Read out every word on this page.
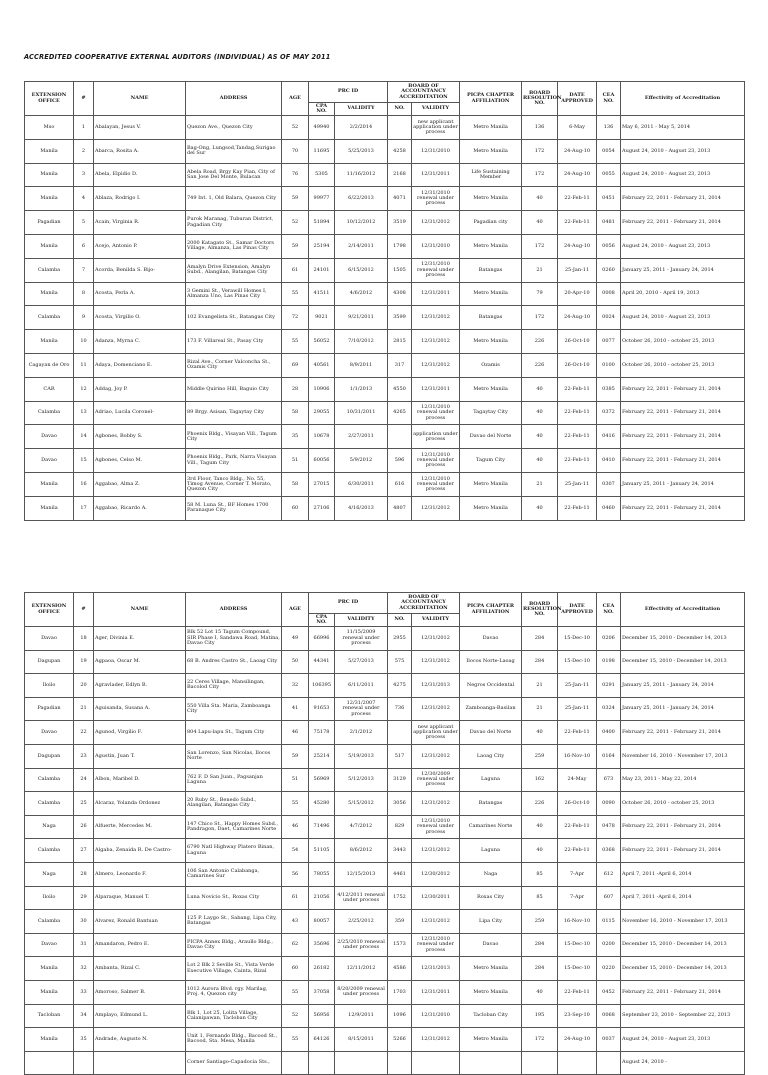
ACCREDITED COOPERATIVE EXTERNAL AUDITORS (INDIVIDUAL) AS OF MAY 2011
EXTENSION OFFICE	#	NAME	ADDRESS	AGE	PRC ID		BOARD OF ACCOUNTANCY ACCREDITATION		PICPA CHAPTER AFFILIATION	BOARD RESOLUTION NO.	DATE APPROVED	CEA NO.	Effectivity of Accreditation
					CPA NO.	VALIDITY	NO.	VALIDITY					
Mso	1	Abalayan, Jesus V.	Quezon Ave., Quezon City	52	49940	2/2/2014		new applicant application under process	Metro Manila	136	6-May	136	May 6, 2011 - May 5, 2014
Manila	2	Abarca, Rosita A.	Bag-Ong, Lungsod,Tandag,Surigao del Sur	70	11695	5/25/2013	4258	12/31/2010	Metro Manila	172	24-Aug-10	0054	August 24, 2010 - August 23, 2013
Manila	3	Abela, Elpidio D.	Abela Road, Brgy Kay Pian, City of San Jose Del Monte, Bulacan	76	5305	11/16/2012	2168	12/31/2011	Life Sustaining Member	172	24-Aug-10	0055	August 24, 2010 - August 23, 2013
Manila	4	Ablaza, Rodrigo I.	749 Int. 1, Old Balara, Quezon City	59	99977	6/22/2013	4071	12/31/2010 renewal under process	Metro Manila	40	22-Feb-11	0451	February 22, 2011 - February 21, 2014
Pagadian	5	Acain, Virginia R.	Purok Maranag, Tuburan District, Pagadian City	52	51894	10/12/2012	3519	12/31/2012	Pagadian city	40	22-Feb-11	0481	February 22, 2011 - February 21, 2014
Manila	6	Acejo, Antonio P.	2000 Katagato St., Samar Doctors Village, Almanza, Las Pinas City	59	25194	2/14/2011	1798	12/31/2010	Metro Manila	172	24-Aug-10	0056	August 24, 2010 - August 23, 2013
Calamba	7	Acorda, Benilda S. Bijo-	Amalyn Drive Extension, Amalyn Subd., Alangilan, Batangas City	61	24101	6/15/2012	1505	12/31/2010 renewal under process	Batangas	21	25-Jan-11	0260	January 25, 2011 - January 24, 2014
Manila	8	Acosta, Perla A.	3 Gemini St., Verawill Homes I, Almanza Uno, Las Pinas City	55	41511	4/6/2012	4308	12/31/2011	Metro Manila	79	20-Apr-10	0008	April 20, 2010 - April 19, 2013
Calamba	9	Acosta, Virgilio O.	102 Evangelista St., Batangas City	72	9021	9/21/2011	3599	12/31/2012	Batangas	172	24-Aug-10	0024	August 24, 2010 - August 23, 2013
Manila	10	Adanza, Myrna C.	173 F. Villareal St., Pasay City	55	56052	7/10/2012	2815	12/31/2012	Metro Manila	226	26-Oct-10	0077	October 26, 2010 - october 25, 2013
Cagayan de Oro	11	Adaya, Domenciano E.	Rizal Ave., Corner Valconcha St., Ozamis City	69	40561	8/9/2011	317	12/31/2012	Ozamis	226	26-Oct-10	0100	October 26, 2010 - october 25, 2013
CAR	12	Addag, Joy P.	Middle Quirino Hill, Baguio City	28	10906	1/1/2013	4550	12/31/2011	Metro Manila	40	22-Feb-11	0385	February 22, 2011 - February 21, 2014
Calamba	13	Adriao, Lucila Coronel-	89 Brgy. Asisan, Tagaytay City	58	29055	10/31/2011	4265	12/31/2010 renewal under process	Tagaytay City	40	22-Feb-11	0372	February 22, 2011 - February 21, 2014
Davao	14	Agbones, Bobby S.	Phoenix Bldg., Visayan Vill., Tagum City	35	10678	2/27/2011		application under process	Davao del Norte	40	22-Feb-11	0416	February 22, 2011 - February 21, 2014
Davao	15	Agbones, Celso M.	Phoenix Bldg., Park, Narra Visayan Vill., Tagum City	51	60056	5/9/2012	596	12/31/2010 renewal under process	Tagum City	40	22-Feb-11	0410	February 22, 2011 - February 21, 2014
Manila	16	Aggabao, Alma Z.	3rd Floor, Tanco Bldg., No. 55, Timog Avenue, Corner T. Morato, Quezon City	58	27015	6/30/2011	616	12/31/2010 renewal under process	Metro Manila	21	25-Jan-11	0307	January 25, 2011 - January 24, 2014
Manila	17	Aggabao, Ricardo A.	58 M. Luna St., BF Homes 1700 Paranaque City	60	27106	4/16/2013	4807	12/31/2012	Metro Manila	40	22-Feb-11	0460	February 22, 2011 - February 21, 2014
EXTENSION OFFICE	#	NAME	ADDRESS	AGE	PRC ID		BOARD OF ACCOUNTANCY ACCREDITATION		PICPA CHAPTER AFFILIATION	BOARD RESOLUTION NO.	DATE APPROVED	CEA NO.	Effectivity of Accreditation
					CPA NO.	VALIDITY	NO.	VALIDITY					
Davao	18	Ager, Divinia E.	Blk 52 Lot 15 Tagum Compound, SIR Phase I, Sandawa Road, Matina, Davao City	49	66996	11/15/2009 renewal under process	2955	12/31/2012	Davao	284	15-Dec-10	0206	December 15, 2010 - December 14, 2013
Dagupan	19	Agpaoa, Oscar M.	68 B. Andres Castro St., Laoag City	50	44341	5/27/2013	575	12/31/2012	Ilocos Norte-Laoag	284	15-Dec-10	0198	December 15, 2010 - December 14, 2013
Iloilo	20	Agravlader, Edlyn B.	22 Ceres Village, Mansilingan, Bacolod City	32	106395	6/11/2011	4275	12/31/2013	Negros Occidental	21	25-Jan-11	0291	January 25, 2011 - January 24, 2014
Pagadian	21	Aguisanda, Susana A.	550 Villa Sta. Maria, Zamboanga City	41	91653	12/31/2007 renewal under process	736	12/31/2012	Zamboanga-Basilan	21	25-Jan-11	0324	January 25, 2011 - January 24, 2014
Davao	22	Agunod, Virgilio F.	804 Lapu-lapu St., Tagum City	46	75178	2/1/2012		new applicant application under process	Davao del Norte	40	22-Feb-11	0400	February 22, 2011 - February 21, 2014
Dagupan	23	Agustin, Juan T.	San Lorenzo, San Nicolas, Ilocos Norte	59	25214	5/19/2013	517	12/31/2012	Laoag City	259	16-Nov-10	0164	November 16, 2010 - November 17, 2013
Calamba	24	Albon, Maribel D.	762 F. D San Juan., Pagsanjan Laguna	51	56969	5/12/2013	3129	12/30/2009 renewal under process	Laguna	162	24-May	673	May 23, 2011 - May 22, 2014
Calamba	25	Alcaraz, Yolanda Ordonez	20 Ruby St., Benedo Subd., Alangilan, Batangas City	55	45280	5/15/2012	3056	12/31/2012	Batangas	226	26-Oct-10	0090	October 26, 2010 - october 25, 2013
Naga	26	Alfuerte, Mercedes M.	147 Chico St., Happy Homes Subd., Pandragon, Daet, Camarines Norte	46	71496	4/7/2012	829	12/31/2010 renewal under process	Camarines Norte	40	22-Feb-11	0478	February 22, 2011 - February 21, 2014
Calamba	27	Algaba, Zenaida R. De Castro-	6790 Natl Highway Platero Binan, Laguna	54	51105	8/6/2012	3443	12/31/2012	Laguna	40	22-Feb-11	0368	February 22, 2011 - February 21, 2014
Naga	28	Almero, Leonardo F.	106 San Antonio Calabanga, Camarines Sur	56	78055	12/15/2013	4461	12/30/2012	Naga	85	7-Apr	612	April 7, 2011 -April 6, 2014
Iloilo	29	Alparaque, Manuel T.	Luna Novicio St., Roxas City	61	21056	4/12/2011 renewal under process	1752	12/30/2011	Roxas City	85	7-Apr	607	April 7, 2011 -April 6, 2014
Calamba	30	Alvarez, Ronald Bantuan	125 P. Laygo St., Sabang, Lipa City, Batangas	43	80057	2/25/2012	359	12/31/2012	Lipa City	259	16-Nov-10	0115	November 16, 2010 - November 17, 2013
Davao	31	Amandaron, Pedro E.	PICPA Annex Bldg., Araullo Bldg., Davao City	62	35696	2/25/2010 renewal under process	1573	12/31/2010 renewal under process	Davao	284	15-Dec-10	0200	December 15, 2010 - December 14, 2013
Manila	32	Ambanta, Rizal C.	Lot 2 Blk 2 Seville St., Vista Verde Executive Village, Cainta, Rizal	60	26182	12/11/2012	4586	12/31/2013	Metro Manila	284	15-Dec-10	0220	December 15, 2010 - December 14, 2013
Manila	33	Amoroso, Salmer B.	1012 Aurora Blvd. rgy. Marilag, Proj. 4, Quezon city	55	37058	8/20/2009 renewal under process	1703	12/31/2011	Metro Manila	40	22-Feb-11	0452	February 22, 2011 - February 21, 2014
Tacloban	34	Amplayo, Edmund L.	Blk 1, Lot 25, Lolita Village, Calanipawan, Tacloban City	52	56956	12/9/2011	1096	12/31/2010	Tacloban City	195	23-Sep-10	0068	September 23, 2010 - September 22, 2013
Manila	35	Andrade, Augusto N.	Unit 1, Fernando Bldg., Bacood St., Bacood, Sta. Mesa, Manila	55	64126	8/15/2011	5266	12/31/2012	Metro Manila	172	24-Aug-10	0037	August 24, 2010 - August 23, 2013
			Corner Santiago-Capadocia Sts.,										August 24, 2010 -
